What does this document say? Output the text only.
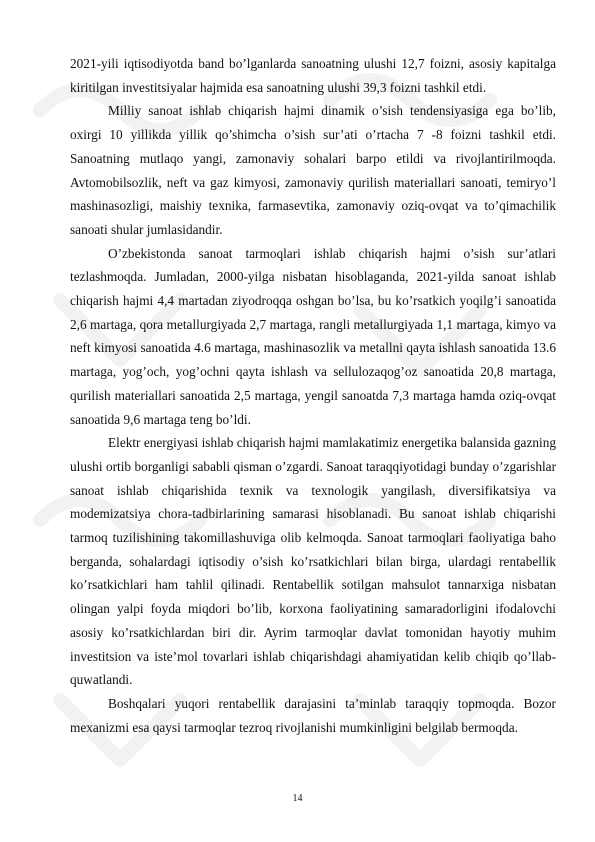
2021-yili iqtisodiyotda band bo’lganlarda sanoatning ulushi 12,7 foizni, asosiy kapitalga kiritilgan investitsiyalar hajmida esa sanoatning ulushi 39,3 foizni tashkil etdi.

Milliy sanoat ishlab chiqarish hajmi dinamik o’sish tendensiyasiga ega bo’lib, oxirgi 10 yillikda yillik qo’shimcha o’sish sur’ati o’rtacha 7 -8 foizni tashkil etdi. Sanoatning mutlaqo yangi, zamonaviy sohalari barpo etildi va rivojlantirilmoqda. Avtomobilsozlik, neft va gaz kimyosi, zamonaviy qurilish materiallari sanoati, temiryo’l mashinasozligi, maishiy texnika, farmasevtika, zamonaviy oziq-ovqat va to’qimachilik sanoati shular jumlasidandir.

O’zbekistonda sanoat tarmoqlari ishlab chiqarish hajmi o’sish sur’atlari tezlashmoqda. Jumladan, 2000-yilga nisbatan hisoblaganda, 2021-yilda sanoat ishlab chiqarish hajmi 4,4 martadan ziyodroqqa oshgan bo’lsa, bu ko’rsatkich yoqilg’i sanoatida 2,6 martaga, qora metallurgiyada 2,7 martaga, rangli metallurgiyada 1,1 martaga, kimyo va neft kimyosi sanoatida 4.6 martaga, mashinasozlik va metallni qayta ishlash sanoatida 13.6 martaga, yog’och, yog’ochni qayta ishlash va sellulozaqog’oz sanoatida 20,8 martaga, qurilish materiallari sanoatida 2,5 martaga, yengil sanoatda 7,3 martaga hamda oziq-ovqat sanoatida 9,6 martaga teng bo’ldi.

Elektr energiyasi ishlab chiqarish hajmi mamlakatimiz energetika balansida gazning ulushi ortib borganligi sababli qisman o’zgardi. Sanoat taraqqiyotidagi bunday o’zgarishlar sanoat ishlab chiqarishida texnik va texnologik yangilash, diversifikatsiya va modemizatsiya chora-tadbirlarining samarasi hisoblanadi. Bu sanoat ishlab chiqarishi tarmoq tuzilishining takomillashuviga olib kelmoqda. Sanoat tarmoqlari faoliyatiga baho berganda, sohalardagi iqtisodiy o’sish ko’rsatkichlari bilan birga, ulardagi rentabellik ko’rsatkichlari ham tahlil qilinadi. Rentabellik sotilgan mahsulot tannarxiga nisbatan olingan yalpi foyda miqdori bo’lib, korxona faoliyatining samaradorligini ifodalovchi asosiy ko’rsatkichlardan biri dir. Ayrim tarmoqlar davlat tomonidan hayotiy muhim investitsion va iste’mol tovarlari ishlab chiqarishdagi ahamiyatidan kelib chiqib qo’llab-quwatlandi.

Boshqalari yuqori rentabellik darajasini ta’minlab taraqqiy topmoqda. Bozor mexanizmi esa qaysi tarmoqlar tezroq rivojlanishi mumkinligini belgilab bermoqda.

14
